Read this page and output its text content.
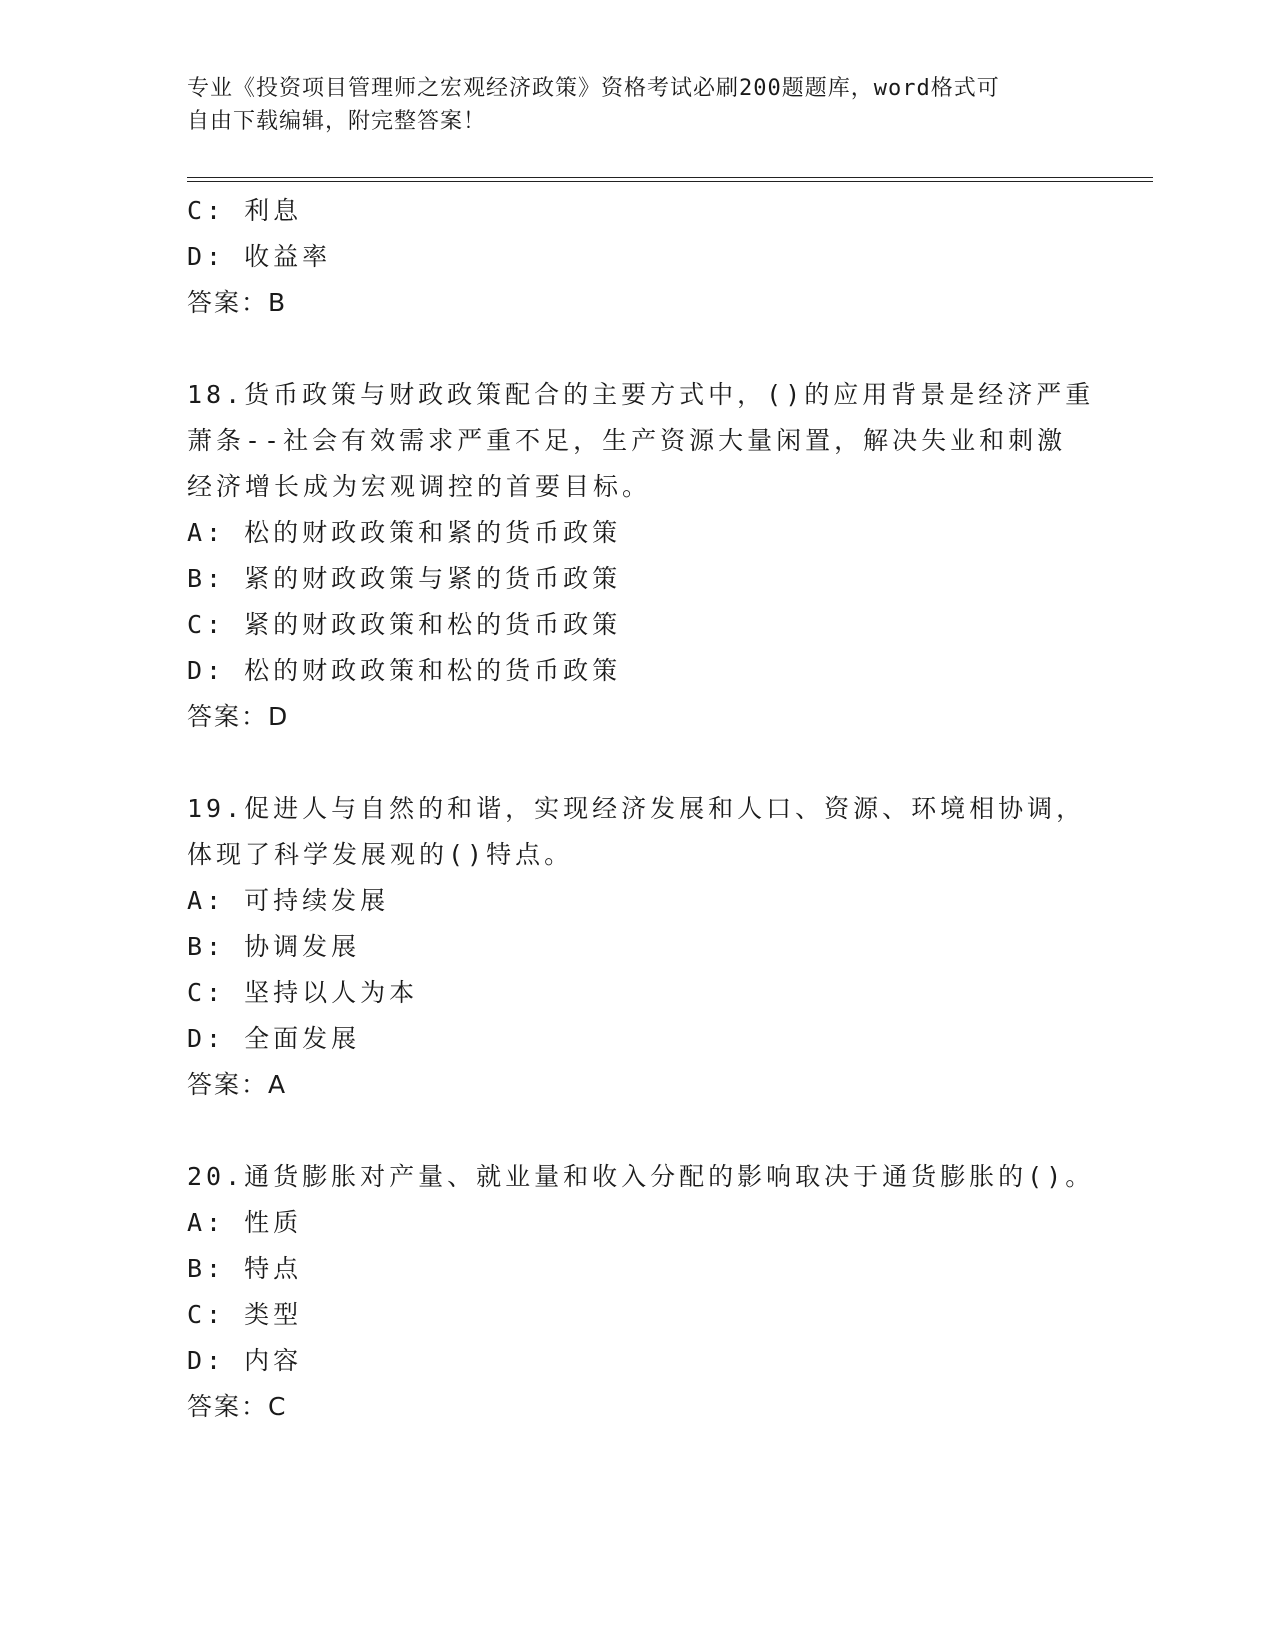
专业《投资项目管理师之宏观经济政策》资格考试必刷200题题库，word格式可
自由下载编辑，附完整答案！
C: 利息
D: 收益率
答案：B
18.货币政策与财政政策配合的主要方式中，()的应用背景是经济严重
萧条--社会有效需求严重不足，生产资源大量闲置，解决失业和刺激
经济增长成为宏观调控的首要目标。
A: 松的财政政策和紧的货币政策
B: 紧的财政政策与紧的货币政策
C: 紧的财政政策和松的货币政策
D: 松的财政政策和松的货币政策
答案：D
19.促进人与自然的和谐，实现经济发展和人口、资源、环境相协调，
体现了科学发展观的()特点。
A: 可持续发展
B: 协调发展
C: 坚持以人为本
D: 全面发展
答案：A
20.通货膨胀对产量、就业量和收入分配的影响取决于通货膨胀的()。
A: 性质
B: 特点
C: 类型
D: 内容
答案：C
